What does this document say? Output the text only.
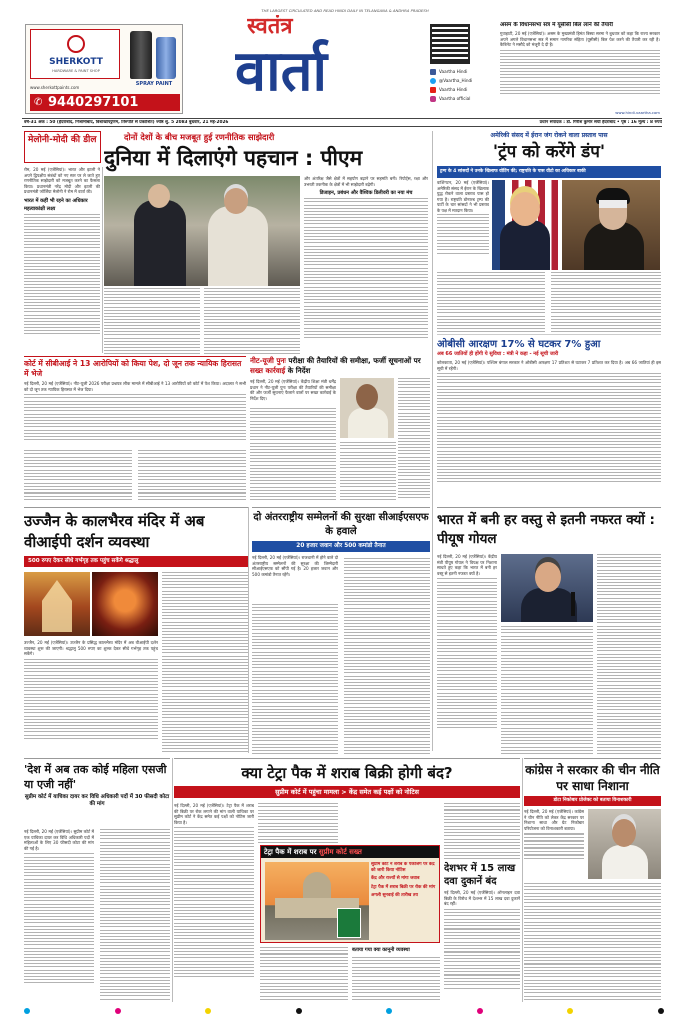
SHERKOTT
HARDWARE & PAINT SHOP
SPRAY PAINT
www.sherkottpaints.com
✆ 9440297101
THE LARGEST CIRCULATED AND READ HINDI DAILY IN TELANGANA & ANDHRA PRADESH
स्वतंत्र
वार्ता	Vaartha Hindi
@Vaartha_Hindi
Vaartha Hindi
Vaartha official
असम के विधानसभा सत्र में यूसीसी बिल लाने की तैयारी
गुवाहाटी, 20 मई (एजेंसियां)। असम के मुख्यमंत्री हिमंत बिस्वा सरमा ने बुधवार को कहा कि राज्य सरकार अपने अगले विधानसभा सत्र में समान नागरिक संहिता (यूसीसी) बिल पेश करने की तैयारी कर रही है। कैबिनेट ने मसौदे को मंजूरी दे दी है।
www.hindi.vaartha.com
वर्ष-31 अंक : 50 (हैदराबाद, निजामाबाद, विशाखापट्टणम, तिरुपति से प्रकाशित) ज्येष्ठ शु. 5 2083 बुधवार, 21 मई-2026	प्रधान संपादक : डॉ. गिरीश कुमार संघी हैदराबाद • पृष्ठ : 16 मूल्य : 8 रुपये
मेलोनी-मोदी की डील	दोनों देशों के बीच मजबूत हुई रणनीतिक साझेदारी
दुनिया में दिलाएंगे पहचान : पीएम
रोम, 20 मई (एजेंसियां)। भारत और इटली ने अपने द्विपक्षीय संबंधों को नए स्तर पर ले जाते हुए रणनीतिक साझेदारी को मजबूत करने का फैसला किया। प्रधानमंत्री नरेंद्र मोदी और इटली की प्रधानमंत्री जॉर्जिया मेलोनी ने रोम में वार्ता की।
भारत में कहीं भी रहने का अधिकार
महत्वाकांक्षी लक्ष्य
और अंतरिक्ष जैसे क्षेत्रों में सहयोग बढ़ाने पर सहमति बनी। रिपोर्ट्स, रक्षा और उभरती तकनीक के क्षेत्रों में भी साझेदारी बढ़ेगी।
डिजाइन, प्रबंधन और वैश्विक डिलीवरी का नया मंच
अमेरिकी संसद में ईरान जंग रोकने वाला प्रस्ताव पास
'ट्रंप को करेंगे डंप'
ट्रम्प के 4 सांसदों ने उनके खिलाफ वोटिंग की; राष्ट्रपति के पास वीटो का अधिकार बाकी
वाशिंगटन, 20 मई (एजेंसियां)। अमेरिकी संसद में ईरान के खिलाफ युद्ध रोकने वाला प्रस्ताव पास हो गया है। राष्ट्रपति डोनाल्ड ट्रम्प की पार्टी के चार सांसदों ने भी प्रस्ताव के पक्ष में मतदान किया।
ओबीसी आरक्षण 17% से घटकर 7% हुआ
अब 66 जातियों ही होंगी ये सुविधा : मंत्री ने कहा - नई सूची जारी
कोलकाता, 20 मई (एजेंसियां)। पश्चिम बंगाल सरकार ने ओबीसी आरक्षण 17 प्रतिशत से घटाकर 7 प्रतिशत कर दिया है। अब 66 जातियां ही इस सूची में रहेंगी।
कोर्ट में सीबीआई ने 13 आरोपियों को किया पेश, दो जून तक न्यायिक हिरासत में भेजे
नई दिल्ली, 20 मई (एजेंसियां)। नीट-यूजी 2026 परीक्षा प्रश्नपत्र लीक मामले में सीबीआई ने 13 आरोपियों को कोर्ट में पेश किया। अदालत ने सभी को दो जून तक न्यायिक हिरासत में भेज दिया।
नीट-यूजी पुनः परीक्षा की तैयारियों की समीक्षा, फर्जी सूचनाओं पर सख्त कार्रवाई के निर्देश
नई दिल्ली, 20 मई (एजेंसियां)। केंद्रीय शिक्षा मंत्री धर्मेंद्र प्रधान ने नीट-यूजी पुनः परीक्षा की तैयारियों की समीक्षा की और फर्जी सूचनाएं फैलाने वालों पर सख्त कार्रवाई के निर्देश दिए।
उज्जैन के कालभैरव मंदिर में अब वीआईपी दर्शन व्यवस्था
500 रुपए देकर सीधे गर्भगृह तक पहुंच सकेंगे श्रद्धालु
उज्जैन, 20 मई (एजेंसियां)। उज्जैन के प्रसिद्ध कालभैरव मंदिर में अब वीआईपी दर्शन व्यवस्था शुरू की जाएगी। श्रद्धालु 500 रुपए का शुल्क देकर सीधे गर्भगृह तक पहुंच सकेंगे।
दो अंतरराष्ट्रीय सम्मेलनों की सुरक्षा सीआईएसएफ के हवाले
20 हजार जवान और 500 कमांडो तैनात
नई दिल्ली, 20 मई (एजेंसियां)। राजधानी में होने वाले दो अंतरराष्ट्रीय सम्मेलनों की सुरक्षा की जिम्मेदारी सीआईएसएफ को सौंपी गई है। 20 हजार जवान और 500 कमांडो तैनात रहेंगे।
भारत में बनी हर वस्तु से इतनी नफरत क्यों : पीयूष गोयल
नई दिल्ली, 20 मई (एजेंसियां)। केंद्रीय मंत्री पीयूष गोयल ने विपक्ष पर निशाना साधते हुए कहा कि भारत में बनी हर वस्तु से इतनी नफरत क्यों है।
'देश में अब तक कोई महिला एसजी या एजी नहीं'
सुप्रीम कोर्ट में याचिका दायर कर विधि अधिकारी पदों में 30 फीसदी कोटा की मांग
नई दिल्ली, 20 मई (एजेंसियां)। सुप्रीम कोर्ट में एक याचिका दायर कर विधि अधिकारी पदों में महिलाओं के लिए 30 फीसदी कोटा की मांग की गई है।
क्या टेट्रा पैक में शराब बिक्री होगी बंद?
सुप्रीम कोर्ट में पहुंचा मामला > केंद्र समेत कई पक्षों को नोटिस
नई दिल्ली, 20 मई (एजेंसियां)। टेट्रा पैक में शराब की बिक्री पर रोक लगाने की मांग वाली याचिका पर सुप्रीम कोर्ट ने केंद्र समेत कई पक्षों को नोटिस जारी किया है।
टेट्रा पैक में शराब पर सुप्रीम कोर्ट सख्त
सुप्रीम कोर्ट ने शराब के पैकेजिंग पर केंद्र को जारी किया नोटिस
केंद्र और राज्यों से मांगा जवाब
टेट्रा पैक में शराब बिक्री पर रोक की मांग
अगली सुनवाई की तारीख तय
बताया गया क्या कानूनी व्यवस्था
देशभर में 15 लाख दवा दुकानें बंद
नई दिल्ली, 20 मई (एजेंसियां)। ऑनलाइन दवा बिक्री के विरोध में देशभर में 15 लाख दवा दुकानें बंद रहीं।
कांग्रेस ने सरकार की चीन नीति पर साधा निशाना
डोटा निकोबार प्रोजेक्ट को बताया विनाशकारी
नई दिल्ली, 20 मई (एजेंसियां)। कांग्रेस ने चीन नीति को लेकर केंद्र सरकार पर निशाना साधा और ग्रेट निकोबार परियोजना को विनाशकारी बताया।
